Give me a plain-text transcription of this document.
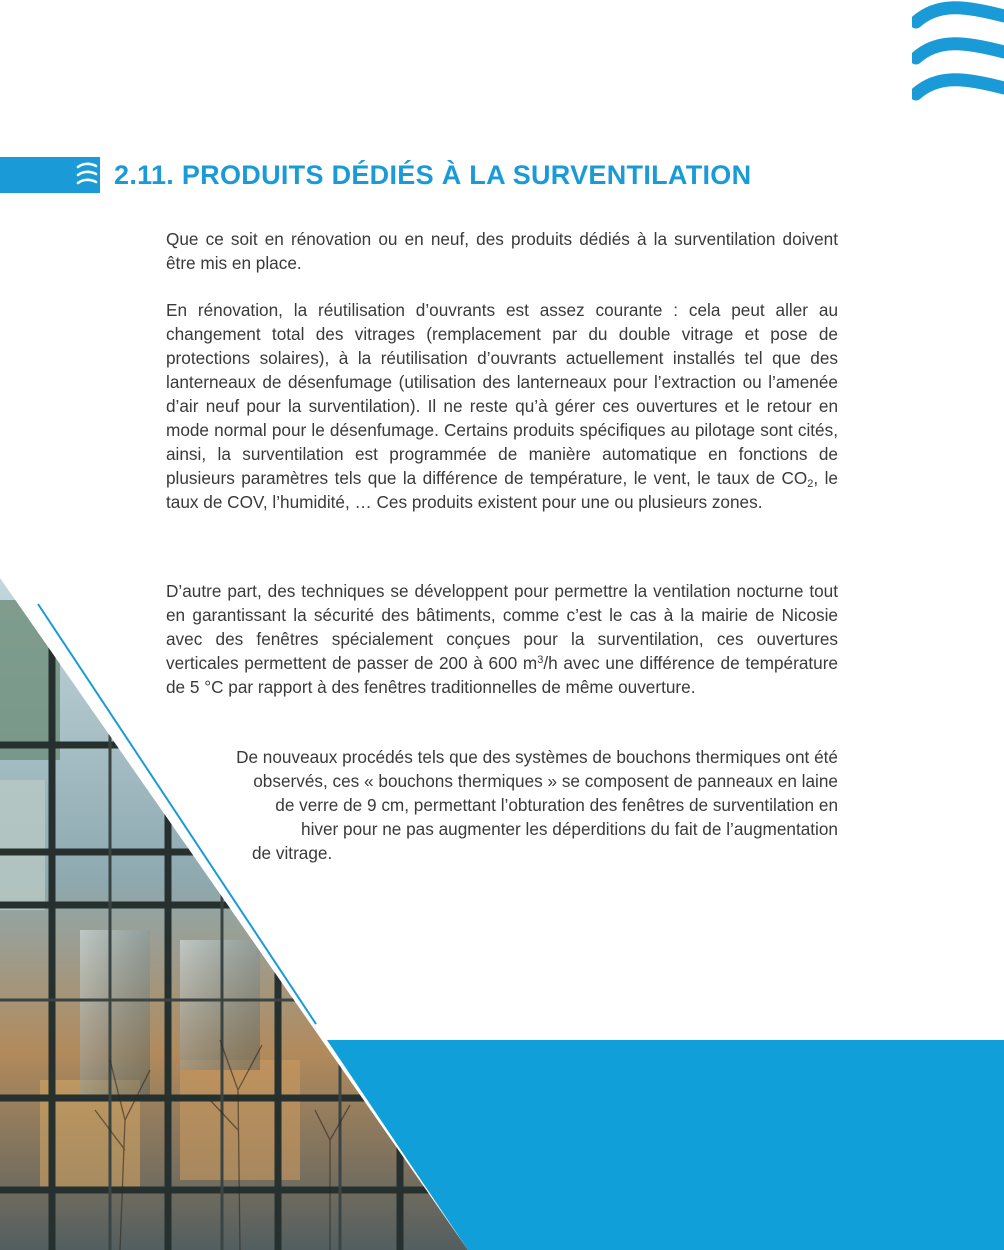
2.11. PRODUITS DÉDIÉS À LA SURVENTILATION

Que ce soit en rénovation ou en neuf, des produits dédiés à la surventilation doivent être mis en place.

En rénovation, la réutilisation d’ouvrants est assez courante : cela peut aller au changement total des vitrages (remplacement par du double vitrage et pose de protections solaires), à la réutilisation d’ouvrants actuellement installés tel que des lanterneaux de désenfumage (utilisation des lanterneaux pour l’extraction ou l’amenée d’air neuf pour la surventilation). Il ne reste qu’à gérer ces ouvertures et le retour en mode normal pour le désenfumage. Certains produits spécifiques au pilotage sont cités, ainsi, la surventilation est programmée de manière automatique en fonctions de plusieurs paramètres tels que la différence de température, le vent, le taux de $CO_2$, le taux de COV, l’humidité, … Ces produits existent pour une ou plusieurs zones.

D’autre part, des techniques se développent pour permettre la ventilation nocturne tout en garantissant la sécurité des bâtiments, comme c’est le cas à la mairie de Nicosie avec des fenêtres spécialement conçues pour la surventilation, ces ouvertures verticales permettent de passer de 200 à 600 $m^3/h$ avec une différence de température de 5 °C par rapport à des fenêtres traditionnelles de même ouverture.

De nouveaux procédés tels que des systèmes de bouchons thermiques ont été

observés, ces « bouchons thermiques » se composent de panneaux en laine

de verre de 9 cm, permettant l’obturation des fenêtres de surventilation en

hiver pour ne pas augmenter les déperditions du fait de l’augmentation

de vitrage.
